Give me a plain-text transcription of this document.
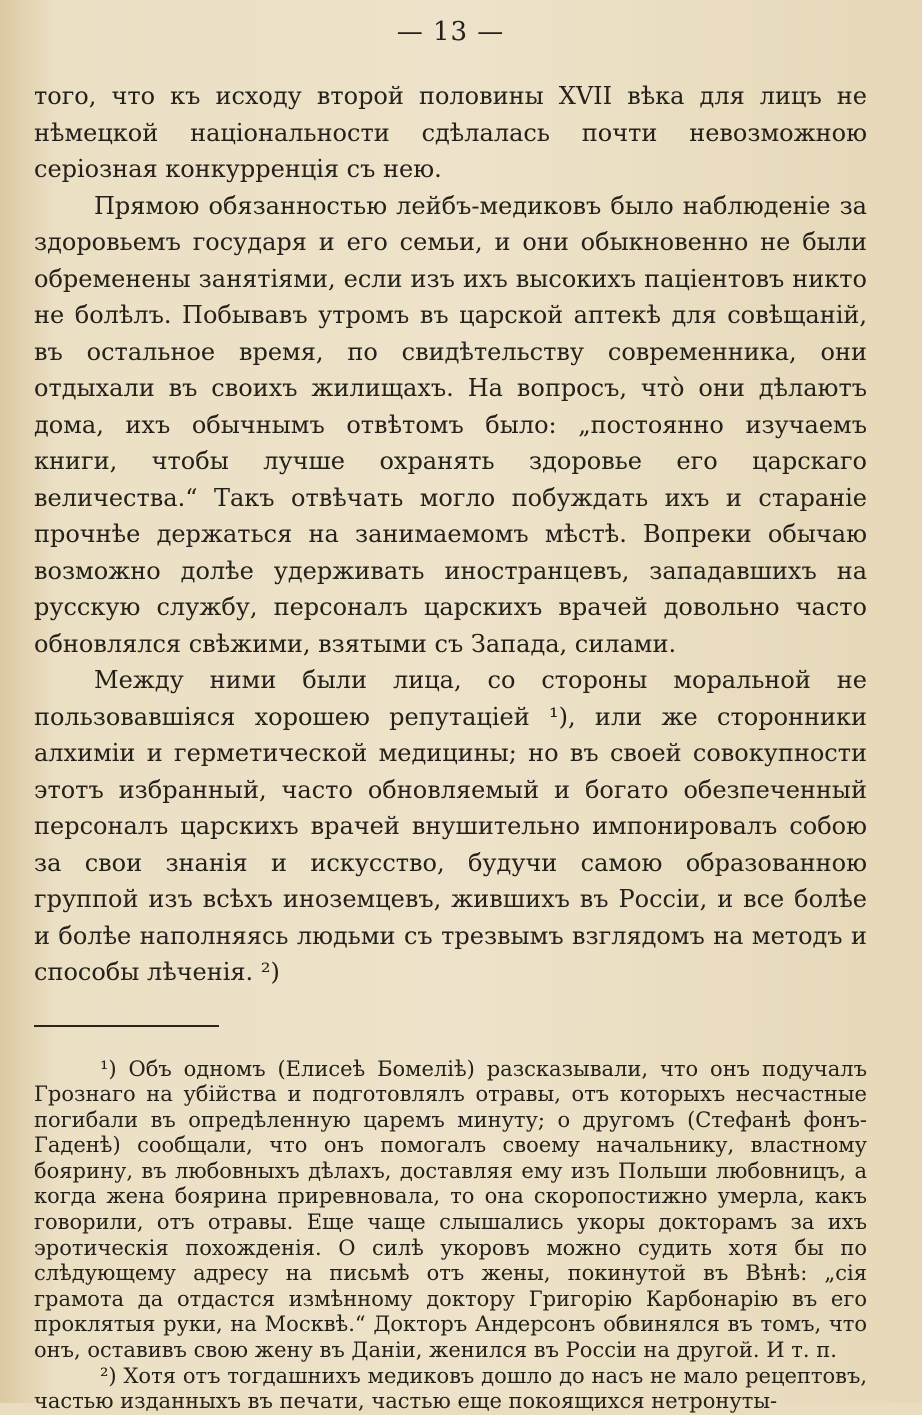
— 13 —

того, что къ исходу второй половины XVII вѣка для лицъ не нѣмецкой національности сдѣлалась почти невозможною серіозная конкурренція съ нею.

Прямою обязанностью лейбъ-медиковъ было наблюденіе за здоровьемъ государя и его семьи, и они обыкновенно не были обременены занятіями, если изъ ихъ высокихъ паціентовъ никто не болѣлъ. Побывавъ утромъ въ царской аптекѣ для совѣщаній, въ остальное время, по свидѣтельству современника, они отдыхали въ своихъ жилищахъ. На вопросъ, что̀ они дѣлаютъ дома, ихъ обычнымъ отвѣтомъ было: „постоянно изучаемъ книги, чтобы лучше охранять здоровье его царскаго величества.“ Такъ отвѣчать могло побуждать ихъ и стараніе прочнѣе держаться на занимаемомъ мѣстѣ. Вопреки обычаю возможно долѣе удерживать иностранцевъ, западавшихъ на русскую службу, персоналъ царскихъ врачей довольно часто обновлялся свѣжими, взятыми съ Запада, силами.

Между ними были лица, со стороны моральной не пользовавшіяся хорошею репутаціей ¹), или же сторонники алхиміи и герметической медицины; но въ своей совокупности этотъ избранный, часто обновляемый и богато обезпеченный персоналъ царскихъ врачей внушительно импонировалъ собою за свои знанія и искусство, будучи самою образованною группой изъ всѣхъ иноземцевъ, жившихъ въ Россіи, и все болѣе и болѣе наполняясь людьми съ трезвымъ взглядомъ на методъ и способы лѣченія. ²)

¹) Объ одномъ (Елисеѣ Бомеліѣ) разсказывали, что онъ подучалъ Грознаго на убійства и подготовлялъ отравы, отъ которыхъ несчастные погибали въ опредѣленную царемъ минуту; о другомъ (Стефанѣ фонъ-Гаденѣ) сообщали, что онъ помогалъ своему начальнику, властному боярину, въ любовныхъ дѣлахъ, доставляя ему изъ Польши любовницъ, а когда жена боярина приревновала, то она скоропостижно умерла, какъ говорили, отъ отравы. Еще чаще слышались укоры докторамъ за ихъ эротическія похожденія. О силѣ укоровъ можно судить хотя бы по слѣдующему адресу на письмѣ отъ жены, покинутой въ Вѣнѣ: „сія грамота да отдастся измѣнному доктору Григорію Карбонарію въ его проклятыя руки, на Москвѣ.“ Докторъ Андерсонъ обвинялся въ томъ, что онъ, оставивъ свою жену въ Даніи, женился въ Россіи на другой. И т. п.

²) Хотя отъ тогдашнихъ медиковъ дошло до насъ не мало рецептовъ, частью изданныхъ въ печати, частью еще покоящихся нетронуты-
